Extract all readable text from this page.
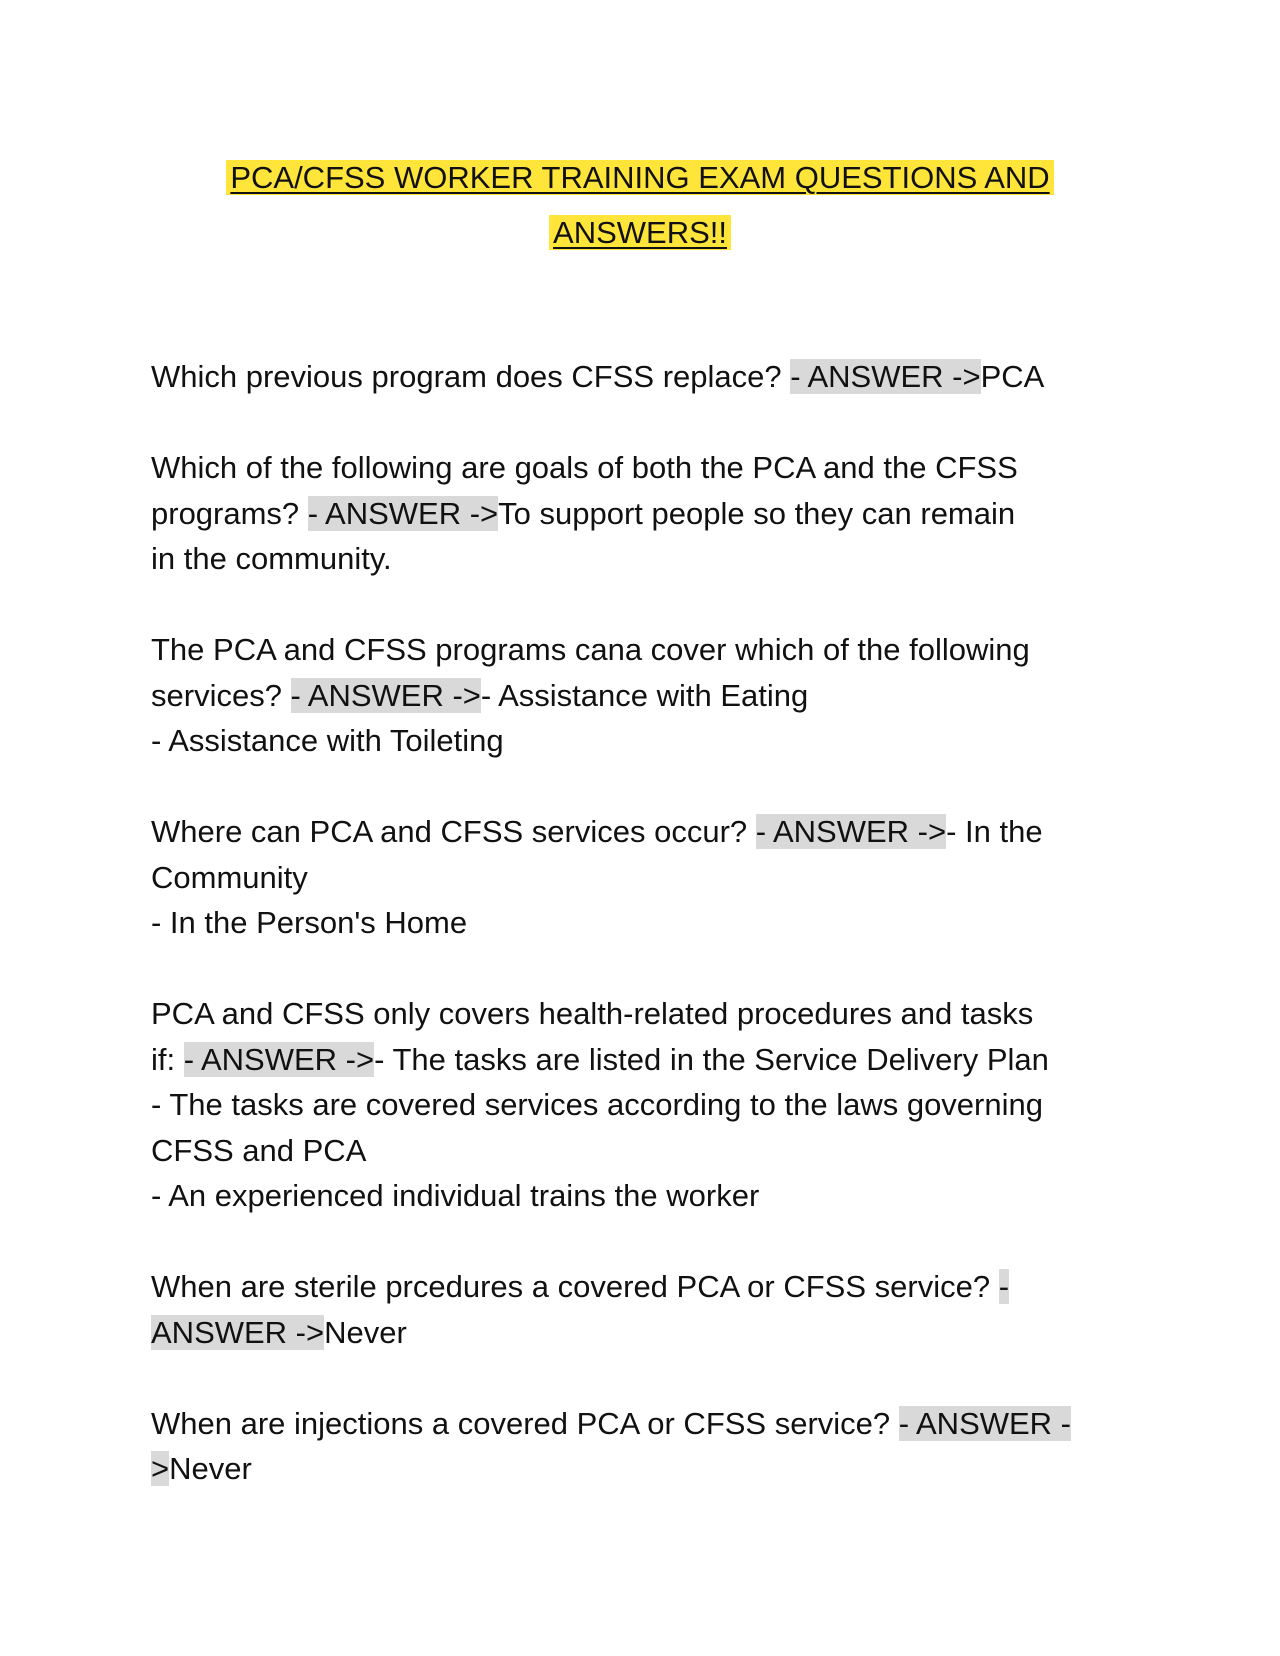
PCA/CFSS WORKER TRAINING EXAM QUESTIONS AND
ANSWERS!!
Which previous program does CFSS replace? - ANSWER ->PCA
Which of the following are goals of both the PCA and the CFSS
programs? - ANSWER ->To support people so they can remain
in the community.
The PCA and CFSS programs cana cover which of the following
services? - ANSWER ->- Assistance with Eating
- Assistance with Toileting
Where can PCA and CFSS services occur? - ANSWER ->- In the
Community
- In the Person's Home
PCA and CFSS only covers health-related procedures and tasks
if: - ANSWER ->- The tasks are listed in the Service Delivery Plan
- The tasks are covered services according to the laws governing
CFSS and PCA
- An experienced individual trains the worker
When are sterile prcedures a covered PCA or CFSS service? -
ANSWER ->Never
When are injections a covered PCA or CFSS service? - ANSWER -
>Never
